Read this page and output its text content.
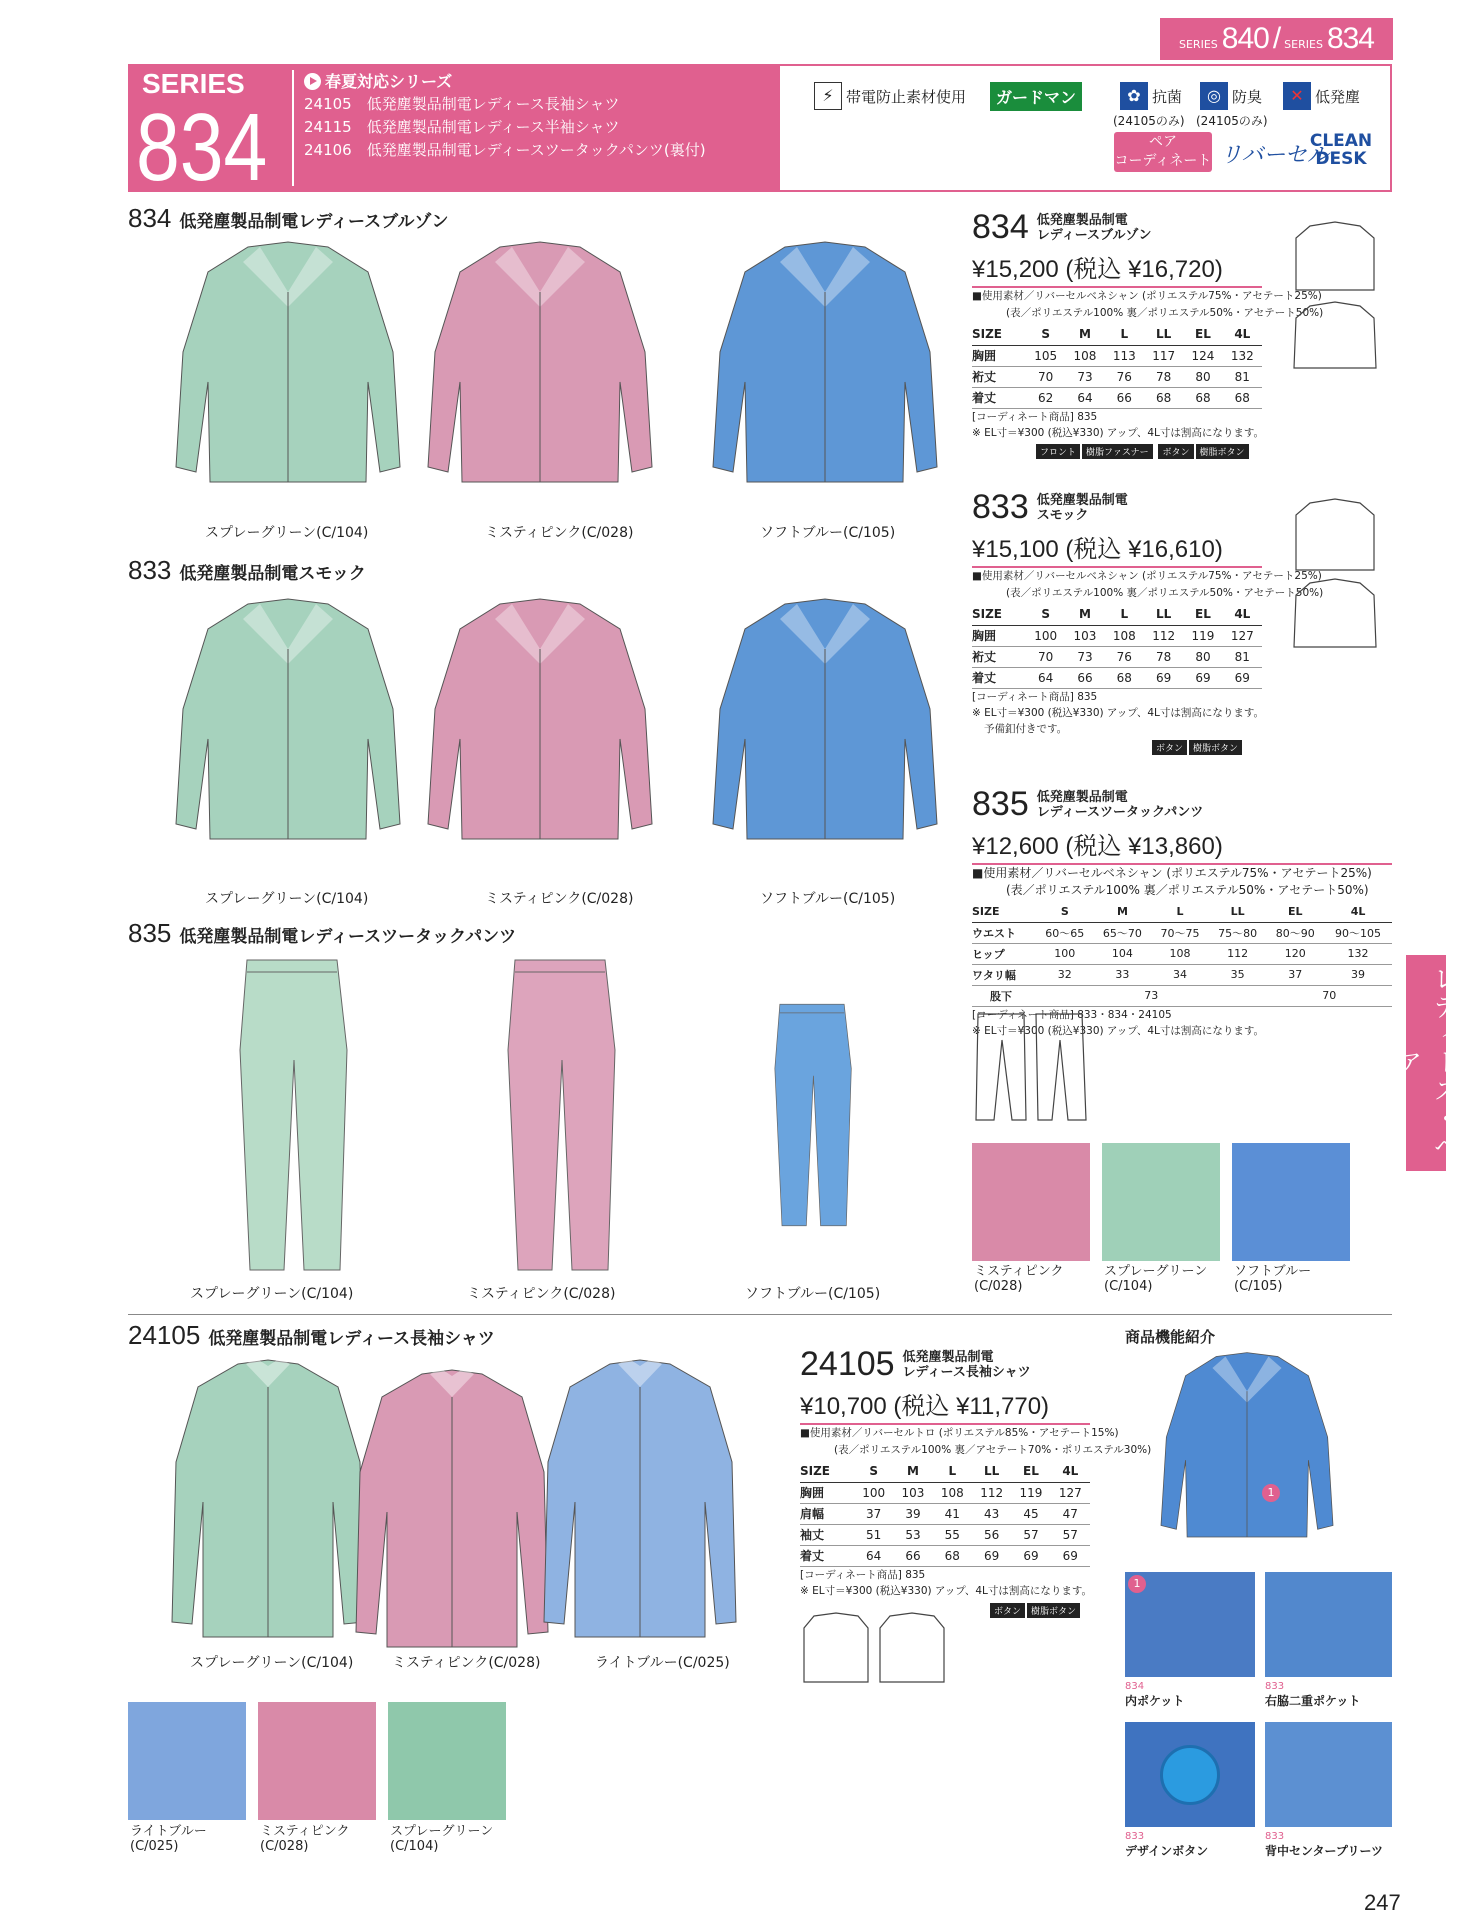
SERIES 840 / SERIES 834
SERIES
834
春夏対応シリーズ
24105　低発塵製品制電レディース長袖シャツ
24115　低発塵製品制電レディース半袖シャツ
24106　低発塵製品制電レディースツータックパンツ(裏付)
⚡ 帯電防止素材使用	ガードマン	✿ 抗菌
(24105のみ)
◎ 防臭
(24105のみ)
✕ 低発塵
ペア
コーディネート リバーセル
CLEAN DESK
834 低発塵製品制電レディースブルゾン
833 低発塵製品制電スモック
835 低発塵製品制電レディースツータックパンツ
24105 低発塵製品制電レディース長袖シャツ
スプレーグリーン(C/104)	ミスティピンク(C/028)	ソフトブルー(C/105)
スプレーグリーン(C/104)	ミスティピンク(C/028)	ソフトブルー(C/105)
スプレーグリーン(C/104)	ミスティピンク(C/028)	ソフトブルー(C/105)
スプレーグリーン(C/104)	ミスティピンク(C/028)	ライトブルー(C/025)
834 低発塵製品制電
レディースブルゾン
¥15,200 (税込 ¥16,720)
■使用素材／リバーセルベネシャン (ポリエステル75%・アセテート25%)
(表／ポリエステル100% 裏／ポリエステル50%・アセテート50%)
SIZE	S	M	L	LL	EL	4L
胸囲	105	108	113	117	124	132
裄丈	70	73	76	78	80	81
着丈	62	64	66	68	68	68
[コーディネート商品] 835
※ EL寸＝¥300 (税込¥330) アップ、4L寸は割高になります。
フロント 樹脂ファスナー ボタン 樹脂ボタン
833 低発塵製品制電
スモック
¥15,100 (税込 ¥16,610)
■使用素材／リバーセルベネシャン (ポリエステル75%・アセテート25%)
(表／ポリエステル100% 裏／ポリエステル50%・アセテート50%)
SIZE	S	M	L	LL	EL	4L
胸囲	100	103	108	112	119	127
裄丈	70	73	76	78	80	81
着丈	64	66	68	69	69	69
[コーディネート商品] 835
※ EL寸＝¥300 (税込¥330) アップ、4L寸は割高になります。
予備釦付きです。
ボタン 樹脂ボタン
835 低発塵製品制電
レディースツータックパンツ
¥12,600 (税込 ¥13,860)
■使用素材／リバーセルベネシャン (ポリエステル75%・アセテート25%)
(表／ポリエステル100% 裏／ポリエステル50%・アセテート50%)
SIZE	S	M	L	LL	EL	4L
ウエスト	60～65	65～70	70～75	75～80	80～90	90～105
ヒップ	100	104	108	112	120	132
ワタリ幅	32	33	34	35	37	39
股下	73				70	
[コーディネート商品] 833・834・24105
※ EL寸＝¥300 (税込¥330) アップ、4L寸は割高になります。
24105 低発塵製品制電
レディース長袖シャツ
¥10,700 (税込 ¥11,770)
■使用素材／リバーセルトロ (ポリエステル85%・アセテート15%)
(表／ポリエステル100% 裏／アセテート70%・ポリエステル30%)
SIZE	S	M	L	LL	EL	4L
胸囲	100	103	108	112	119	127
肩幅	37	39	41	43	45	47
袖丈	51	53	55	56	57	57
着丈	64	66	68	69	69	69
[コーディネート商品] 835
※ EL寸＝¥300 (税込¥330) アップ、4L寸は割高になります。
ボタン 樹脂ボタン
ミスティピンク
(C/028)
スプレーグリーン
(C/104)
ソフトブルー
(C/105)
ライトブルー
(C/025)
ミスティピンク
(C/028)
スプレーグリーン
(C/104)
商品機能紹介
1
1
834
内ポケット
833
右脇二重ポケット
833
デザインボタン
833
背中センタープリーツ
レディース・ペア
247
